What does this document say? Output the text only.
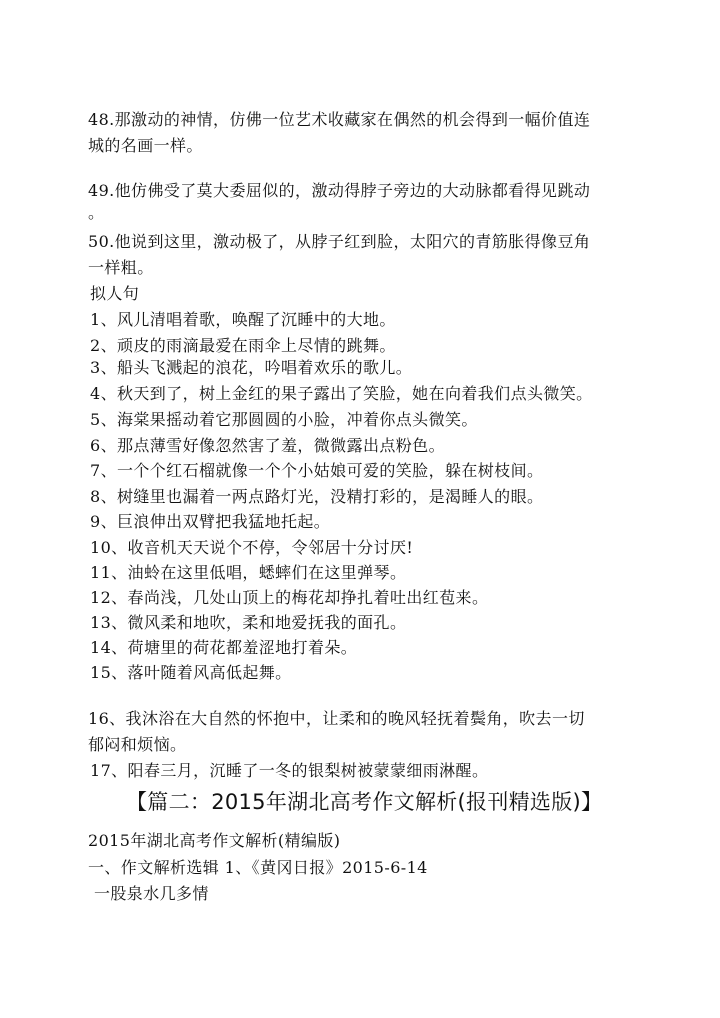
48.那激动的神情，仿佛一位艺术收藏家在偶然的机会得到一幅价值连
城的名画一样。
49.他仿佛受了莫大委屈似的，激动得脖子旁边的大动脉都看得见跳动
。
50.他说到这里，激动极了，从脖子红到脸，太阳穴的青筋胀得像豆角
一样粗。
拟人句
1、风儿清唱着歌，唤醒了沉睡中的大地。
2、顽皮的雨滴最爱在雨伞上尽情的跳舞。
3、船头飞溅起的浪花，吟唱着欢乐的歌儿。
4、秋天到了，树上金红的果子露出了笑脸，她在向着我们点头微笑。
5、海棠果摇动着它那圆圆的小脸，冲着你点头微笑。
6、那点薄雪好像忽然害了羞，微微露出点粉色。
7、一个个红石榴就像一个个小姑娘可爱的笑脸，躲在树枝间。
8、树缝里也漏着一两点路灯光，没精打彩的，是渴睡人的眼。
9、巨浪伸出双臂把我猛地托起。
10、收音机天天说个不停，令邻居十分讨厌!
11、油蛉在这里低唱，蟋蟀们在这里弹琴。
12、春尚浅，几处山顶上的梅花却挣扎着吐出红苞来。
13、微风柔和地吹，柔和地爱抚我的面孔。
14、荷塘里的荷花都羞涩地打着朵。
15、落叶随着风高低起舞。
16、我沐浴在大自然的怀抱中，让柔和的晚风轻抚着鬓角，吹去一切
郁闷和烦恼。
17、阳春三月，沉睡了一冬的银梨树被蒙蒙细雨淋醒。
【篇二：2015年湖北高考作文解析(报刊精选版)】
2015年湖北高考作文解析(精编版)
一、作文解析选辑 1、《黄冈日报》2015-6-14
一股泉水几多情
